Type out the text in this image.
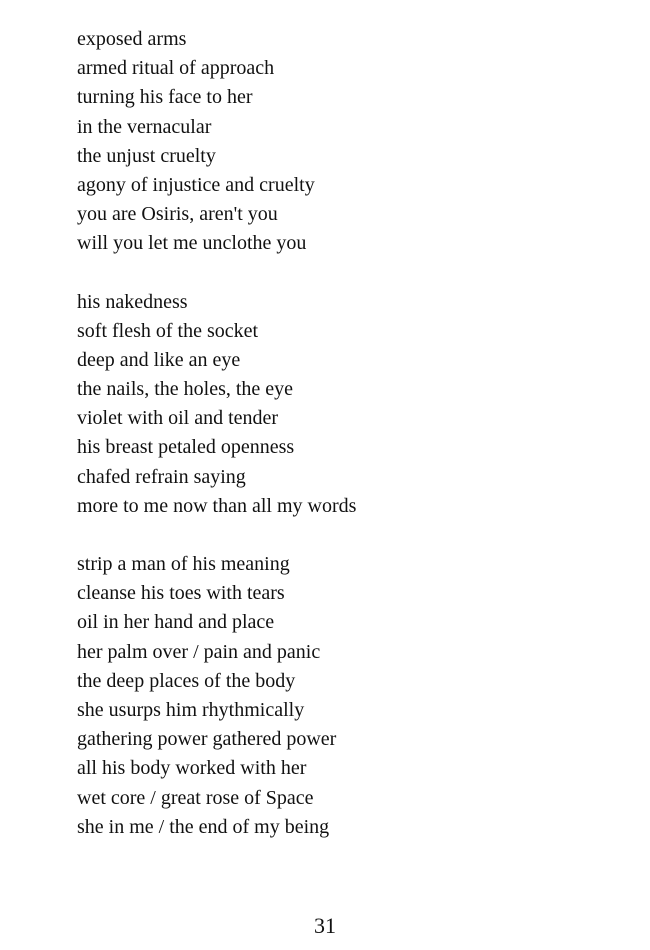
exposed arms
armed ritual of approach
turning his face to her
in the vernacular
the unjust cruelty
agony of injustice and cruelty
you are Osiris, aren't you
will you let me unclothe you
his nakedness
soft flesh of the socket
deep and like an eye
the nails, the holes, the eye
violet with oil and tender
his breast petaled openness
chafed refrain saying
more to me now than all my words
strip a man of his meaning
cleanse his toes with tears
oil in her hand and place
her palm over / pain and panic
the deep places of the body
she usurps him rhythmically
gathering power gathered power
all his body worked with her
wet core / great rose of Space
she in me / the end of my being
31
